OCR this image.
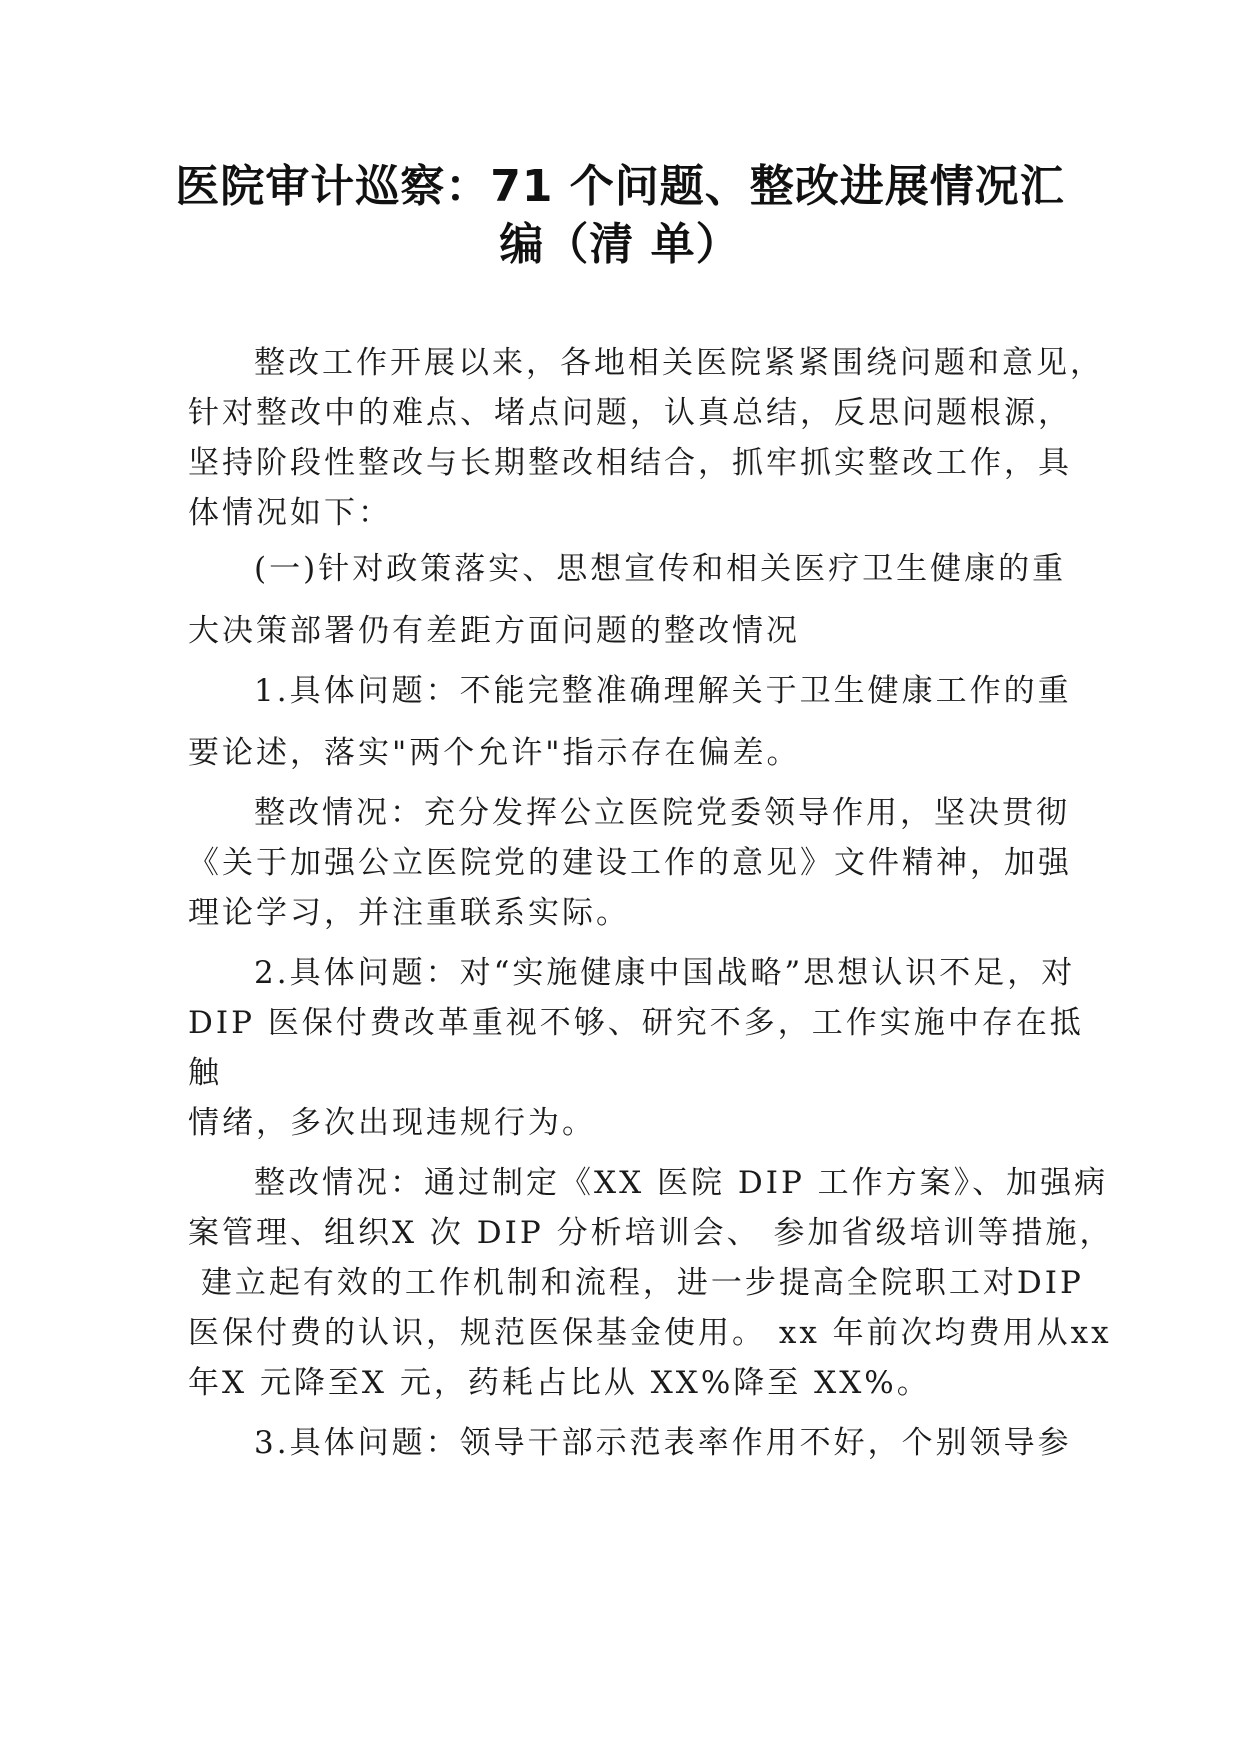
医院审计巡察：71 个问题、整改进展情况汇
编（清 单）
整改工作开展以来，各地相关医院紧紧围绕问题和意见，
针对整改中的难点、堵点问题，认真总结，反思问题根源，
坚持阶段性整改与长期整改相结合，抓牢抓实整改工作，具
体情况如下：
(一)针对政策落实、思想宣传和相关医疗卫生健康的重
大决策部署仍有差距方面问题的整改情况
1.具体问题：不能完整准确理解关于卫生健康工作的重
要论述，落实"两个允许"指示存在偏差。
整改情况：充分发挥公立医院党委领导作用，坚决贯彻
《关于加强公立医院党的建设工作的意见》文件精神，加强
理论学习，并注重联系实际。
2.具体问题：对“实施健康中国战略”思想认识不足，对
DIP 医保付费改革重视不够、研究不多，工作实施中存在抵
触
情绪，多次出现违规行为。
整改情况：通过制定《XX 医院 DIP 工作方案》、加强病
案管理、组织X 次 DIP 分析培训会、 参加省级培训等措施，
建立起有效的工作机制和流程，进一步提高全院职工对DIP
医保付费的认识，规范医保基金使用。 xx 年前次均费用从xx
年X 元降至X 元，药耗占比从 XX%降至 XX%。
3.具体问题：领导干部示范表率作用不好，个别领导参
